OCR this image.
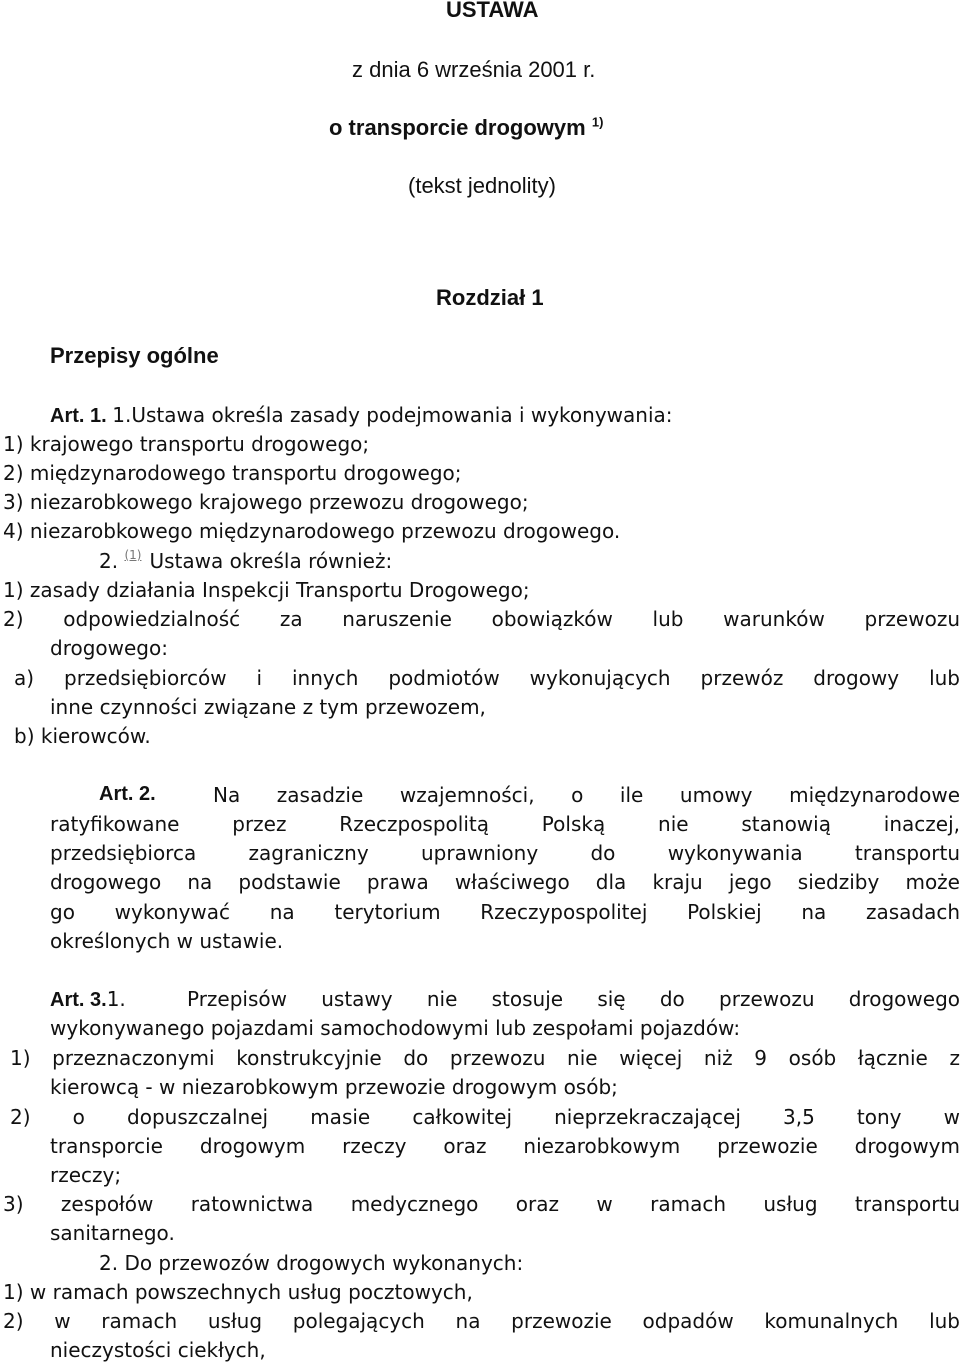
USTAWA
z dnia 6 września 2001 r.
o transporcie drogowym $^{1)}$
(tekst jednolity)
Rozdział 1
Przepisy ogólne
Art. 1. 1.Ustawa określa zasady podejmowania i wykonywania:
1) krajowego transportu drogowego;
2) międzynarodowego transportu drogowego;
3) niezarobkowego krajowego przewozu drogowego;
4) niezarobkowego międzynarodowego przewozu drogowego.
2. $^{(1)}$ Ustawa określa również:
1) zasady działania Inspekcji Transportu Drogowego;
2) odpowiedzialność za naruszenie obowiązków lub warunków przewozu
drogowego:
a) przedsiębiorców i innych podmiotów wykonujących przewóz drogowy lub
inne czynności związane z tym przewozem,
b) kierowców.
Art. 2.	Na zasadzie wzajemności, o ile umowy międzynarodowe
ratyfikowane przez Rzeczpospolitą Polską nie stanowią inaczej,
przedsiębiorca zagraniczny uprawniony do wykonywania transportu
drogowego na podstawie prawa właściwego dla kraju jego siedziby może
go wykonywać na terytorium Rzeczypospolitej Polskiej na zasadach
określonych w ustawie.
Art. 3.1.	Przepisów ustawy nie stosuje się do przewozu drogowego
wykonywanego pojazdami samochodowymi lub zespołami pojazdów:
1) przeznaczonymi konstrukcyjnie do przewozu nie więcej niż 9 osób łącznie z
kierowcą - w niezarobkowym przewozie drogowym osób;
2) o dopuszczalnej masie całkowitej nieprzekraczającej 3,5 tony w
transporcie drogowym rzeczy oraz niezarobkowym przewozie drogowym
rzeczy;
3) zespołów ratownictwa medycznego oraz w ramach usług transportu
sanitarnego.
2. Do przewozów drogowych wykonanych:
1) w ramach powszechnych usług pocztowych,
2) w ramach usług polegających na przewozie odpadów komunalnych lub
nieczystości ciekłych,
